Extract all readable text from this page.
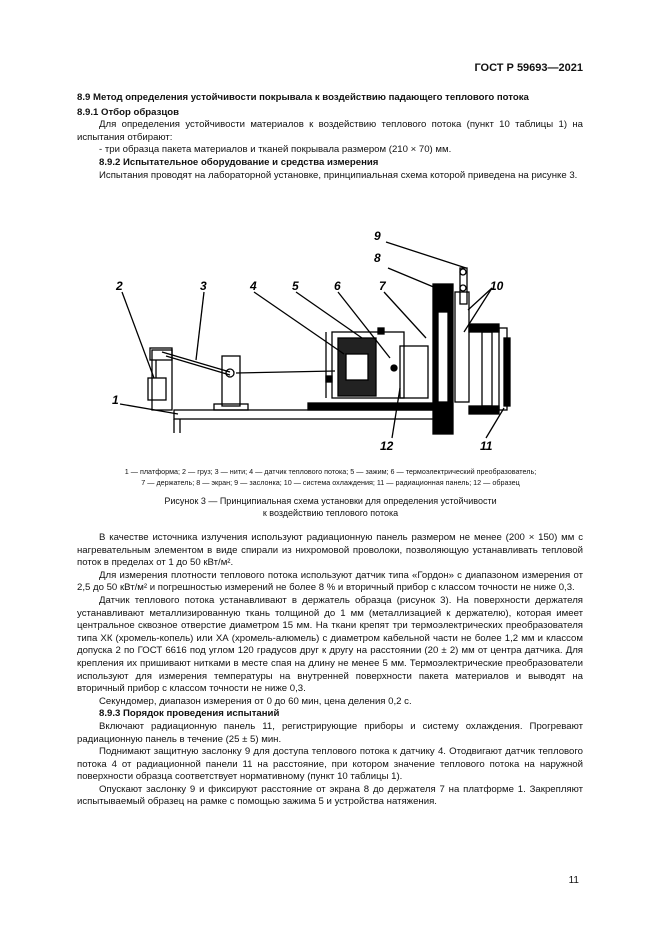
ГОСТ Р 59693—2021

8.9 Метод определения устойчивости покрывала к воздействию падающего теплового потока

8.9.1 Отбор образцов

Для определения устойчивости материалов к воздействию теплового потока (пункт 10 таблицы 1) на испытания отбирают:

- три образца пакета материалов и тканей покрывала размером (210 × 70) мм.

8.9.2 Испытательное оборудование и средства измерения

Испытания проводят на лабораторной установке, принципиальная схема которой приведена на рисунке 3.

2	3	4	5	6	7
8
9
10
1
12	11
1 — платформа; 2 — груз; 3 — нити; 4 — датчик теплового потока; 5 — зажим; 6 — термоэлектрический преобразователь;
7 — держатель; 8 — экран; 9 — заслонка; 10 — система охлаждения; 11 — радиационная панель; 12 — образец
Рисунок 3 — Принципиальная схема установки для определения устойчивости
к воздействию теплового потока

В качестве источника излучения используют радиационную панель размером не менее (200 × 150) мм с нагревательным элементом в виде спирали из нихромовой проволоки, позволяющую устанавливать тепловой поток в пределах от 1 до 50 кВт/м².

Для измерения плотности теплового потока используют датчик типа «Гордон» с диапазоном измерения от 2,5 до 50 кВт/м² и погрешностью измерений не более 8 % и вторичный прибор с классом точности не ниже 0,3.

Датчик теплового потока устанавливают в держатель образца (рисунок 3). На поверхности держателя устанавливают металлизированную ткань толщиной до 1 мм (металлизацией к держателю), которая имеет центральное сквозное отверстие диаметром 15 мм. На ткани крепят три термоэлектрических преобразователя типа ХК (хромель-копель) или ХА (хромель-алюмель) с диаметром кабельной части не более 1,2 мм и классом допуска 2 по ГОСТ 6616 под углом 120 градусов друг к другу на расстоянии (20 ± 2) мм от центра датчика. Для крепления их пришивают нитками в месте спая на длину не менее 5 мм. Термоэлектрические преобразователи используют для измерения температуры на внутренней поверхности пакета материалов и выводят на вторичный прибор с классом точности не ниже 0,3.

Секундомер, диапазон измерения от 0 до 60 мин, цена деления 0,2 с.

8.9.3 Порядок проведения испытаний

Включают радиационную панель 11, регистрирующие приборы и систему охлаждения. Прогревают радиационную панель в течение (25 ± 5) мин.

Поднимают защитную заслонку 9 для доступа теплового потока к датчику 4. Отодвигают датчик теплового потока 4 от радиационной панели 11 на расстояние, при котором значение теплового потока на наружной поверхности образца соответствует нормативному (пункт 10 таблицы 1).

Опускают заслонку 9 и фиксируют расстояние от экрана 8 до держателя 7 на платформе 1. Закрепляют испытываемый образец на рамке с помощью зажима 5 и устройства натяжения.

11
